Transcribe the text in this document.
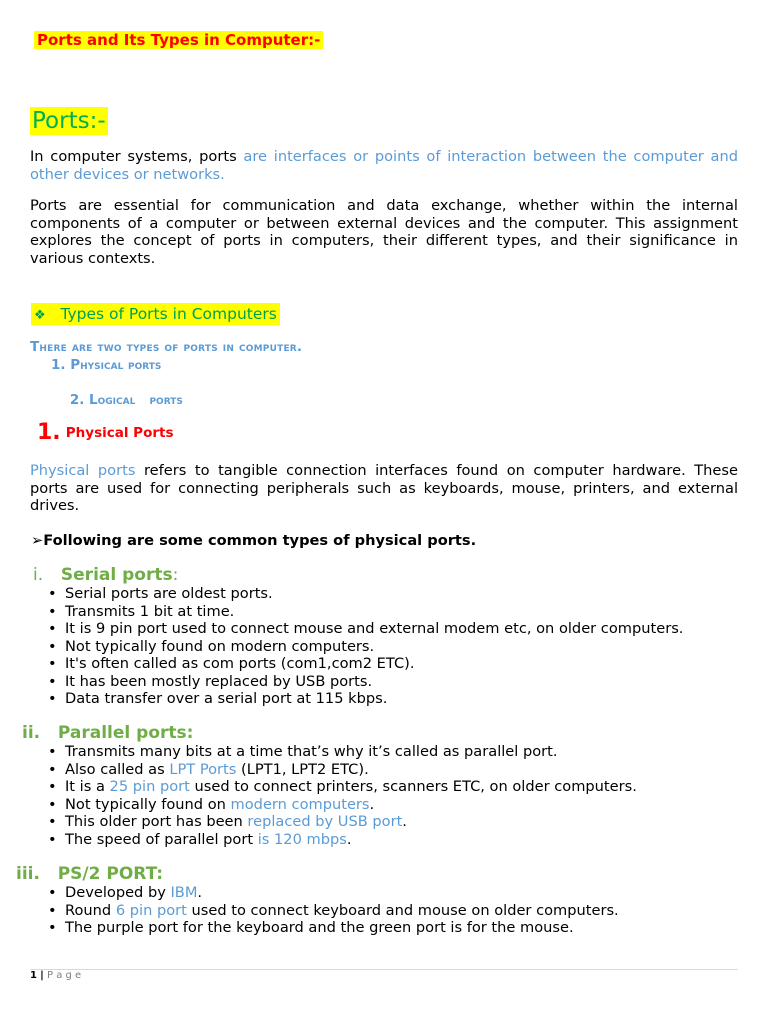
Ports and Its Types in Computer:-
Ports:-
In computer systems, ports are interfaces or points of interaction between the computer and
other devices or networks.
Ports are essential for communication and data exchange, whether within the internal
components of a computer or between external devices and the computer. This assignment
explores the concept of ports in computers, their different types, and their significance in
various contexts.
❖ Types of Ports in Computers
There are two types of ports in computer.
1. Physical ports

2. Logical   ports

1. Physical Ports
Physical ports refers to tangible connection interfaces found on computer hardware. These
ports are used for connecting peripherals such as keyboards, mouse, printers, and external
drives.
➢Following are some common types of physical ports.
i. Serial ports:
• Serial ports are oldest ports.
• Transmits 1 bit at time.
• It is 9 pin port used to connect mouse and external modem etc, on older computers.
• Not typically found on modern computers.
• It's often called as com ports (com1,com2 ETC).
• It has been mostly replaced by USB ports.
• Data transfer over a serial port at 115 kbps.
ii. Parallel ports:
• Transmits many bits at a time that’s why it’s called as parallel port.
• Also called as LPT Ports (LPT1, LPT2 ETC).
• It is a 25 pin port used to connect printers, scanners ETC, on older computers.
• Not typically found on modern computers.
• This older port has been replaced by USB port.
• The speed of parallel port is 120 mbps.
iii. PS/2 PORT:
• Developed by IBM.
• Round 6 pin port used to connect keyboard and mouse on older computers.
• The purple port for the keyboard and the green port is for the mouse.
1 | P a g e
